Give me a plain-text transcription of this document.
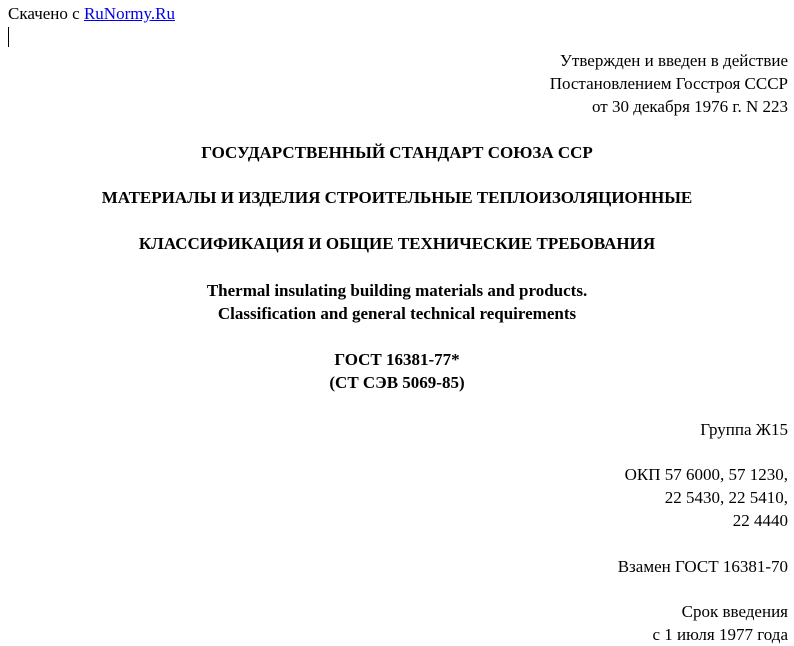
Скачено с RuNormy.Ru
Утвержден и введен в действие
Постановлением Госстроя СССР
от 30 декабря 1976 г. N 223
ГОСУДАРСТВЕННЫЙ СТАНДАРТ СОЮЗА ССР
МАТЕРИАЛЫ И ИЗДЕЛИЯ СТРОИТЕЛЬНЫЕ ТЕПЛОИЗОЛЯЦИОННЫЕ
КЛАССИФИКАЦИЯ И ОБЩИЕ ТЕХНИЧЕСКИЕ ТРЕБОВАНИЯ
Thermal insulating building materials and products.
Classification and general technical requirements
ГОСТ 16381-77*
(СТ СЭВ 5069-85)
Группа Ж15
ОКП 57 6000, 57 1230,
22 5430, 22 5410,
22 4440
Взамен ГОСТ 16381-70
Срок введения
с 1 июля 1977 года
